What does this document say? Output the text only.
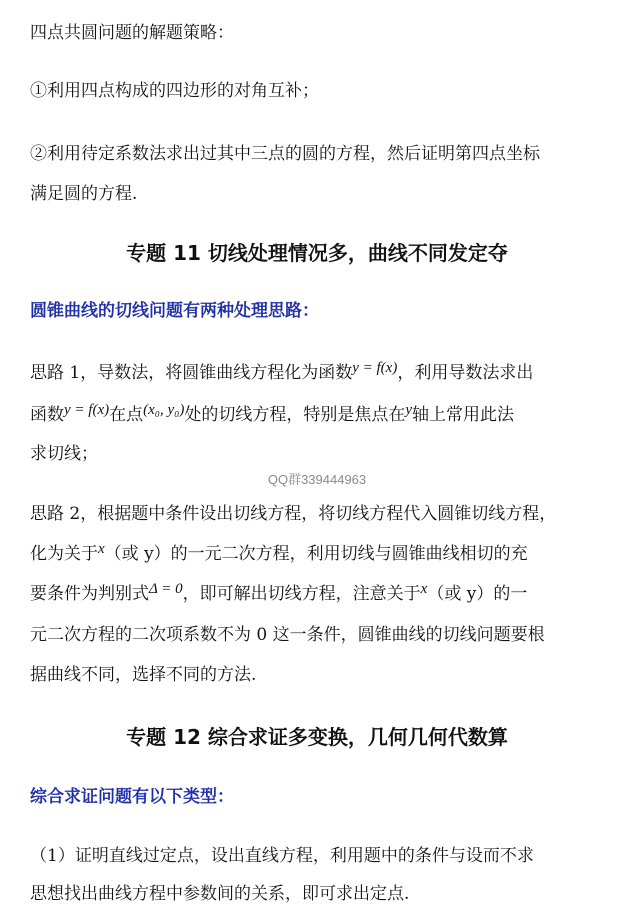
四点共圆问题的解题策略：
①利用四点构成的四边形的对角互补；
②利用待定系数法求出过其中三点的圆的方程，然后证明第四点坐标
满足圆的方程.
专题 11 切线处理情况多，曲线不同发定夺
圆锥曲线的切线问题有两种处理思路：
思路 1，导数法，将圆锥曲线方程化为函数y = f(x)，利用导数法求出
函数y = f(x)在点(x₀, y₀)处的切线方程，特别是焦点在y轴上常用此法
求切线；
QQ群339444963
思路 2，根据题中条件设出切线方程，将切线方程代入圆锥切线方程，
化为关于x（或 y）的一元二次方程，利用切线与圆锥曲线相切的充
要条件为判别式Δ = 0，即可解出切线方程，注意关于x（或 y）的一
元二次方程的二次项系数不为 0 这一条件，圆锥曲线的切线问题要根
据曲线不同，选择不同的方法.
专题 12 综合求证多变换，几何几何代数算
综合求证问题有以下类型：
（1）证明直线过定点，设出直线方程，利用题中的条件与设而不求
思想找出曲线方程中参数间的关系，即可求出定点.
